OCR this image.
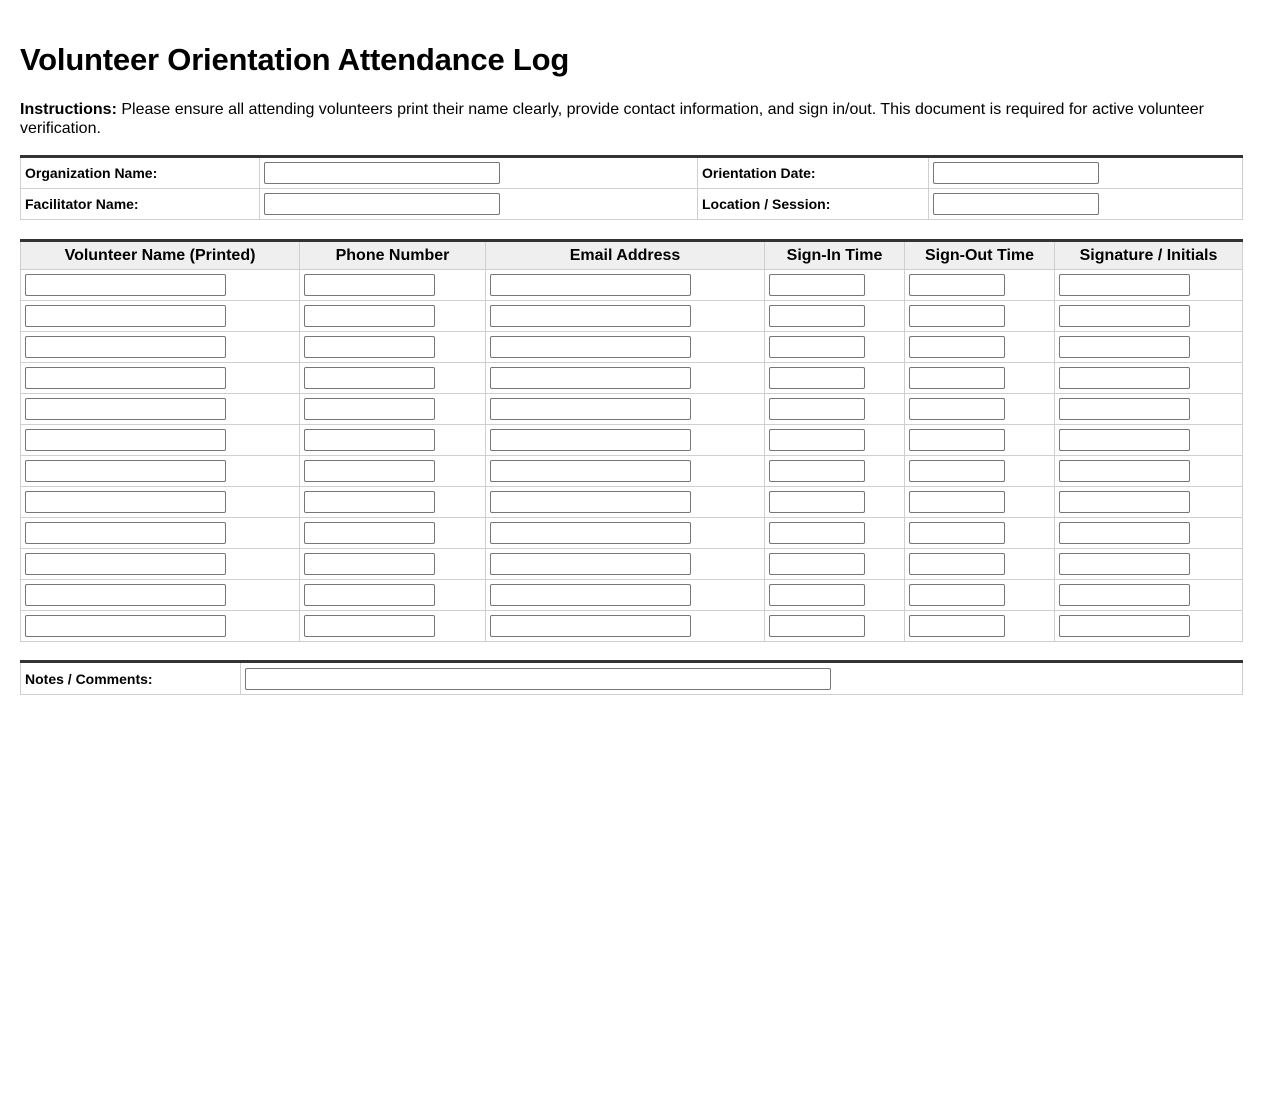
Volunteer Orientation Attendance Log

Instructions: Please ensure all attending volunteers print their name clearly, provide contact information, and sign in/out. This document is required for active volunteer verification.

Organization Name:		Orientation Date:	

Facilitator Name:		Location / Session:	
Volunteer Name (Printed)	Phone Number	Email Address	Sign-In Time	Sign-Out Time	Signature / Initials

Notes / Comments:	
